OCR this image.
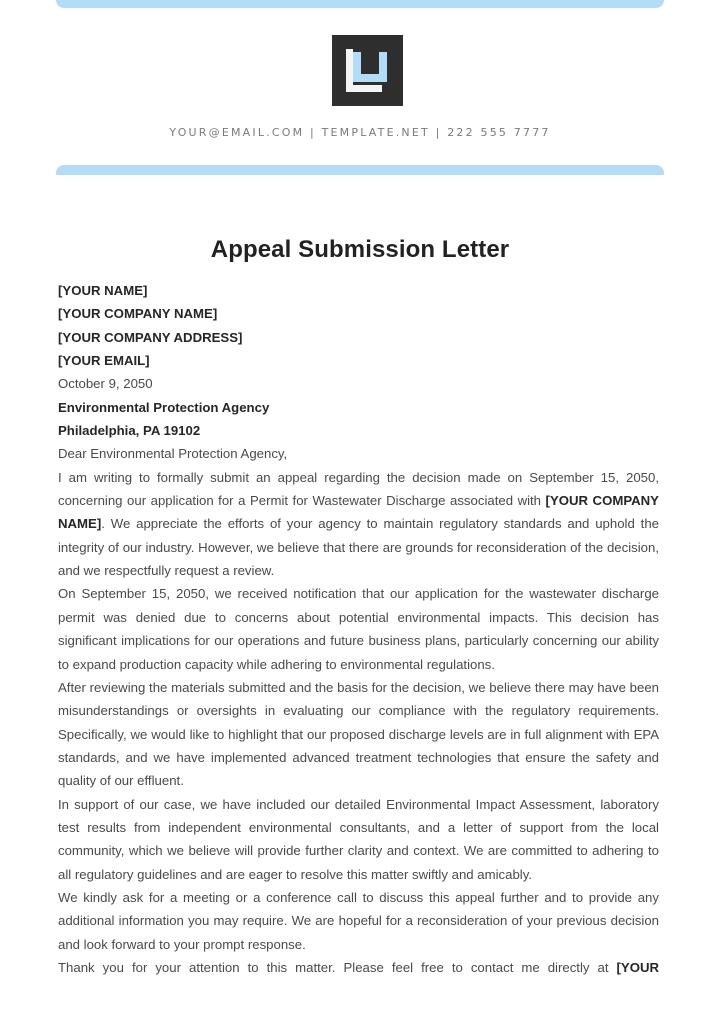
YOUR@EMAIL.COM | TEMPLATE.NET | 222 555 7777
Appeal Submission Letter

[YOUR NAME]

[YOUR COMPANY NAME]

[YOUR COMPANY ADDRESS]

[YOUR EMAIL]

October 9, 2050

Environmental Protection Agency

Philadelphia, PA 19102

Dear Environmental Protection Agency,

I am writing to formally submit an appeal regarding the decision made on September 15, 2050, concerning our application for a Permit for Wastewater Discharge associated with [YOUR COMPANY NAME]. We appreciate the efforts of your agency to maintain regulatory standards and uphold the integrity of our industry. However, we believe that there are grounds for reconsideration of the decision, and we respectfully request a review.

On September 15, 2050, we received notification that our application for the wastewater discharge permit was denied due to concerns about potential environmental impacts. This decision has significant implications for our operations and future business plans, particularly concerning our ability to expand production capacity while adhering to environmental regulations.

After reviewing the materials submitted and the basis for the decision, we believe there may have been misunderstandings or oversights in evaluating our compliance with the regulatory requirements. Specifically, we would like to highlight that our proposed discharge levels are in full alignment with EPA standards, and we have implemented advanced treatment technologies that ensure the safety and quality of our effluent.

In support of our case, we have included our detailed Environmental Impact Assessment, laboratory test results from independent environmental consultants, and a letter of support from the local community, which we believe will provide further clarity and context. We are committed to adhering to all regulatory guidelines and are eager to resolve this matter swiftly and amicably.

We kindly ask for a meeting or a conference call to discuss this appeal further and to provide any additional information you may require. We are hopeful for a reconsideration of your previous decision and look forward to your prompt response.

Thank you for your attention to this matter. Please feel free to contact me directly at [YOUR
